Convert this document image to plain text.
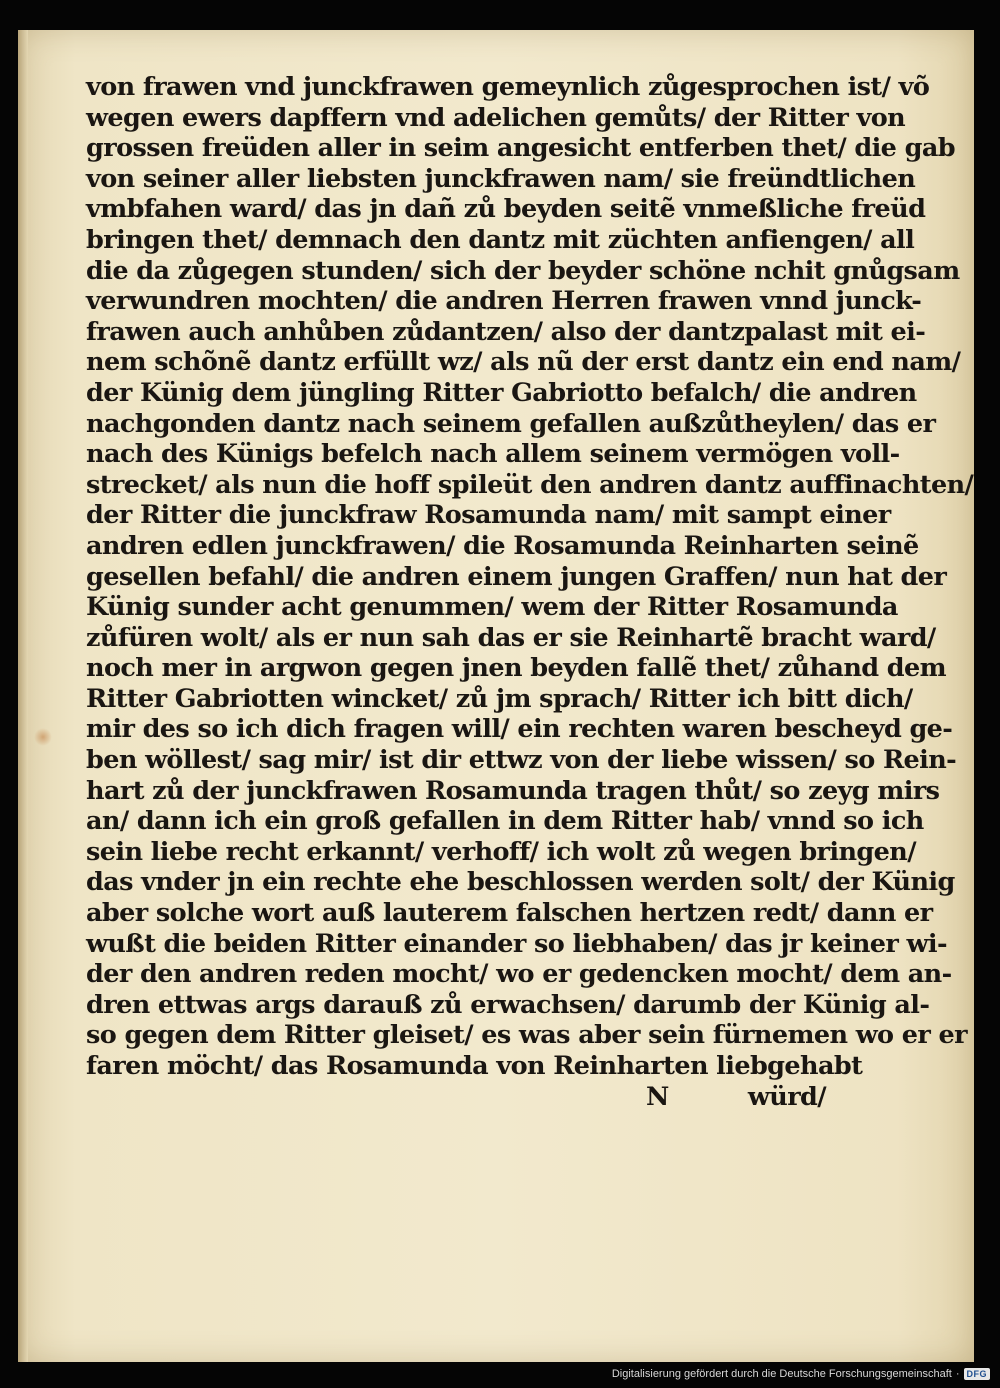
von frawen vnd junckfrawen gemeynlich zůgesprochen ist/ võ
wegen ewers dapffern vnd adelichen gemůts/ der Ritter von
grossen freüden aller in seim angesicht entferben thet/ die gab
von seiner aller liebsten junckfrawen nam/ sie freündtlichen
vmbfahen ward/ das jn dañ zů beyden seitẽ vnmeßliche freüd
bringen thet/ demnach den dantz mit züchten anfiengen/ all
die da zůgegen stunden/ sich der beyder schöne nchit gnůgsam
verwundren mochten/ die andren Herren frawen vnnd junck-
frawen auch anhůben zůdantzen/ also der dantzpalast mit ei-
nem schõnẽ dantz erfüllt wz/ als nũ der erst dantz ein end nam/
der Künig dem jüngling Ritter Gabriotto befalch/ die andren
nachgonden dantz nach seinem gefallen außzůtheylen/ das er
nach des Künigs befelch nach allem seinem vermögen voll-
strecket/ als nun die hoff spileüt den andren dantz auffinachten/
der Ritter die junckfraw Rosamunda nam/ mit sampt einer
andren edlen junckfrawen/ die Rosamunda Reinharten seinẽ
gesellen befahl/ die andren einem jungen Graffen/ nun hat der
Künig sunder acht genummen/ wem der Ritter Rosamunda
zůfüren wolt/ als er nun sah das er sie Reinhartẽ bracht ward/
noch mer in argwon gegen jnen beyden fallẽ thet/ zůhand dem
Ritter Gabriotten wincket/ zů jm sprach/ Ritter ich bitt dich/
mir des so ich dich fragen will/ ein rechten waren bescheyd ge-
ben wöllest/ sag mir/ ist dir ettwz von der liebe wissen/ so Rein-
hart zů der junckfrawen Rosamunda tragen thůt/ so zeyg mirs
an/ dann ich ein groß gefallen in dem Ritter hab/ vnnd so ich
sein liebe recht erkannt/ verhoff/ ich wolt zů wegen bringen/
das vnder jn ein rechte ehe beschlossen werden solt/ der Künig
aber solche wort auß lauterem falschen hertzen redt/ dann er
wußt die beiden Ritter einander so liebhaben/ das jr keiner wi-
der den andren reden mocht/ wo er gedencken mocht/ dem an-
dren ettwas args darauß zů erwachsen/ darumb der Künig al-
so gegen dem Ritter gleiset/ es was aber sein fürnemen wo er er
faren möcht/ das Rosamunda von Reinharten liebgehabt
N	würd/
Digitalisierung gefördert durch die Deutsche Forschungsgemeinschaft · DFG
